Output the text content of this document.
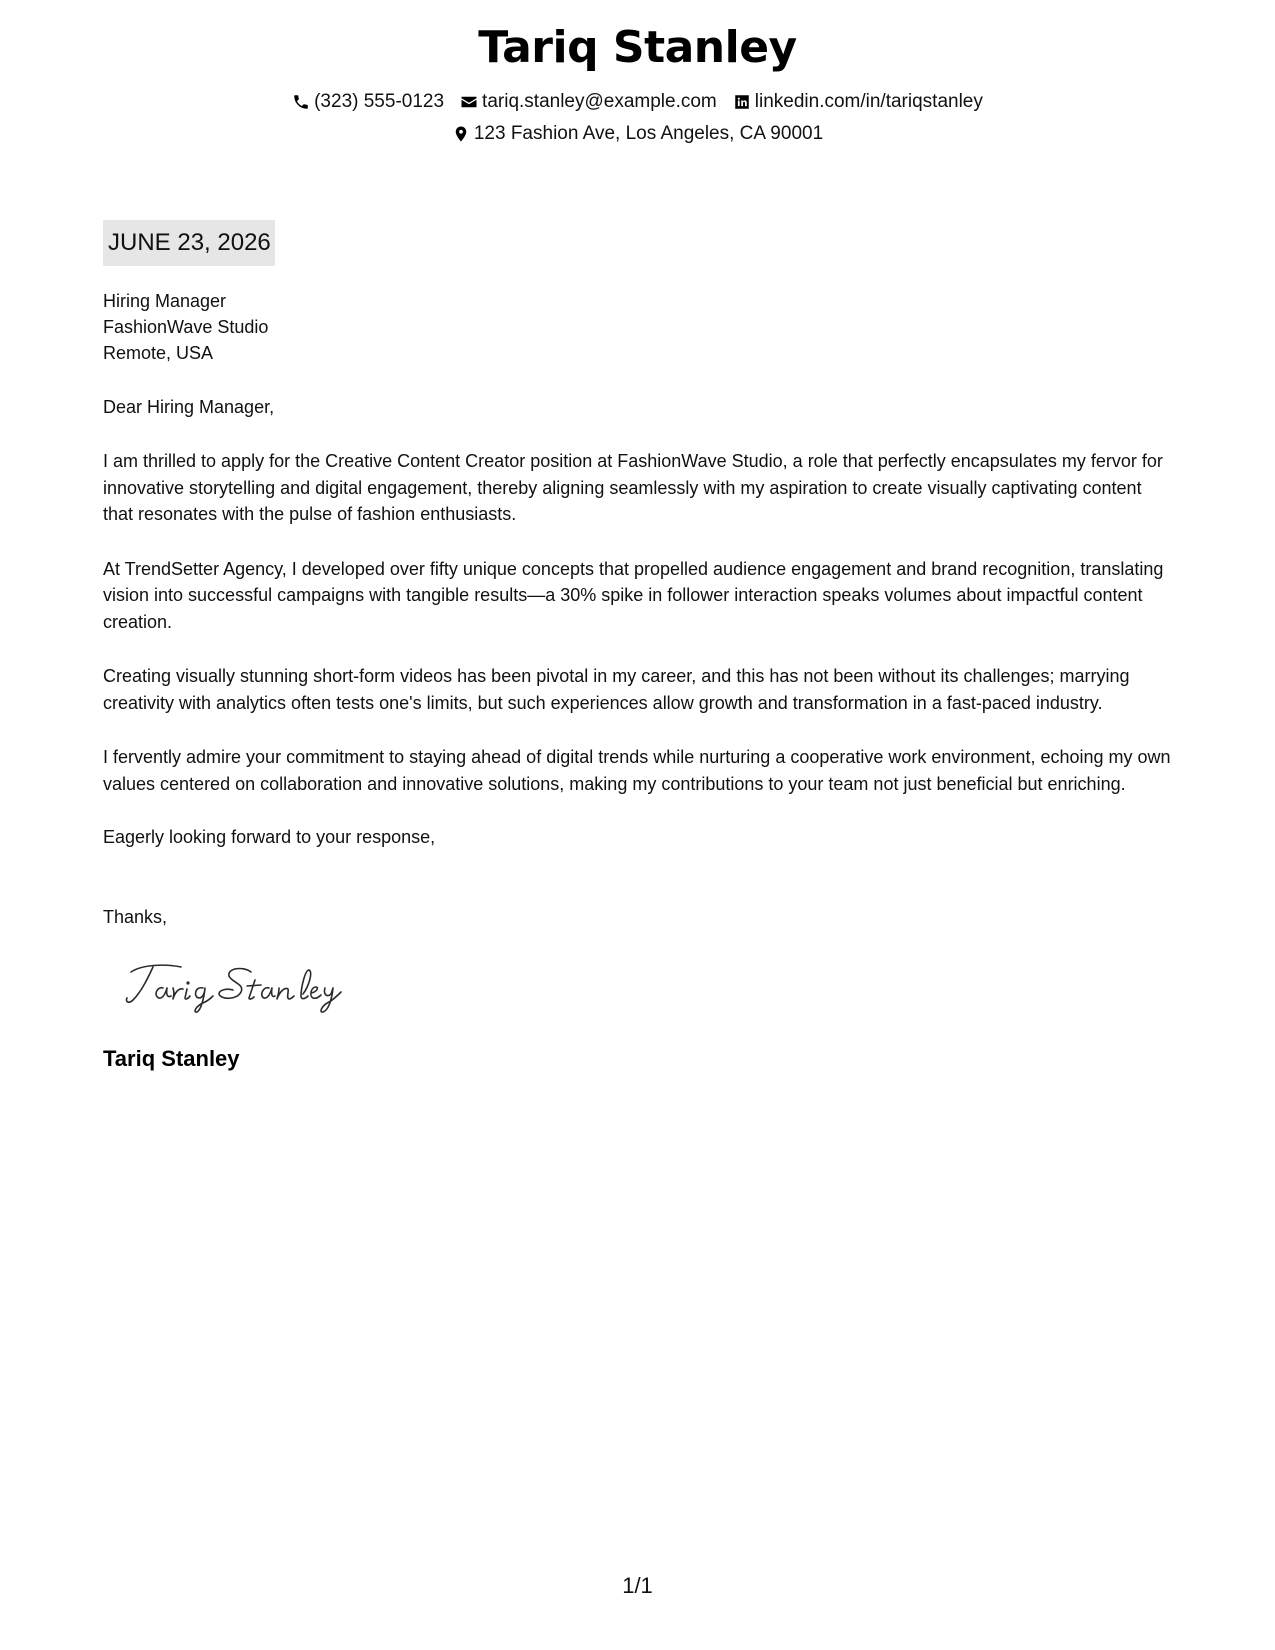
Tariq Stanley
(323) 555-0123 tariq.stanley@example.com linkedin.com/in/tariqstanley
123 Fashion Ave, Los Angeles, CA 90001
JUNE 23, 2026
Hiring Manager
FashionWave Studio
Remote, USA
Dear Hiring Manager,
I am thrilled to apply for the Creative Content Creator position at FashionWave Studio, a role that perfectly encapsulates my fervor for innovative storytelling and digital engagement, thereby aligning seamlessly with my aspiration to create visually captivating content that resonates with the pulse of fashion enthusiasts.
At TrendSetter Agency, I developed over fifty unique concepts that propelled audience engagement and brand recognition, translating vision into successful campaigns with tangible results—a 30% spike in follower interaction speaks volumes about impactful content creation.
Creating visually stunning short-form videos has been pivotal in my career, and this has not been without its challenges; marrying creativity with analytics often tests one's limits, but such experiences allow growth and transformation in a fast-paced industry.
I fervently admire your commitment to staying ahead of digital trends while nurturing a cooperative work environment, echoing my own values centered on collaboration and innovative solutions, making my contributions to your team not just beneficial but enriching.
Eagerly looking forward to your response,
Thanks,
Tariq Stanley
1/1
